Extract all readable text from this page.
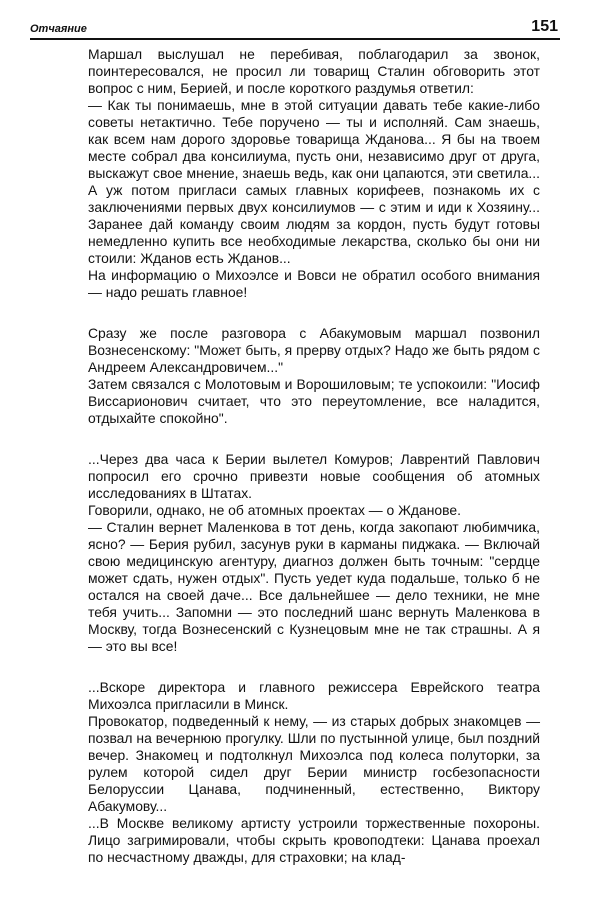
Отчаяние	151

Маршал выслушал не перебивая, поблагодарил за звонок, поинтересовался, не просил ли товарищ Сталин обговорить этот вопрос с ним, Берией, и после короткого раздумья ответил:

— Как ты понимаешь, мне в этой ситуации давать тебе какие-либо советы нетактично. Тебе поручено — ты и исполняй. Сам знаешь, как всем нам дорого здоровье товарища Жданова... Я бы на твоем месте собрал два консилиума, пусть они, независимо друг от друга, выскажут свое мнение, знаешь ведь, как они цапаются, эти светила... А уж потом пригласи самых главных корифеев, познакомь их с заключениями первых двух консилиумов — с этим и иди к Хозяину... Заранее дай команду своим людям за кордон, пусть будут готовы немедленно купить все необходимые лекарства, сколько бы они ни стоили: Жданов есть Жданов...

На информацию о Михоэлсе и Вовси не обратил особого внимания — надо решать главное!

Сразу же после разговора с Абакумовым маршал позвонил Вознесенскому: "Может быть, я прерву отдых? Надо же быть рядом с Андреем Александровичем..."

Затем связался с Молотовым и Ворошиловым; те успокоили: "Иосиф Виссарионович считает, что это переутомление, все наладится, отдыхайте спокойно".

...Через два часа к Берии вылетел Комуров; Лаврентий Павлович попросил его срочно привезти новые сообщения об атомных исследованиях в Штатах.

Говорили, однако, не об атомных проектах — о Жданове.

— Сталин вернет Маленкова в тот день, когда закопают любимчика, ясно? — Берия рубил, засунув руки в карманы пиджака. — Включай свою медицинскую агентуру, диагноз должен быть точным: "сердце может сдать, нужен отдых". Пусть уедет куда подальше, только б не остался на своей даче... Все дальнейшее — дело техники, не мне тебя учить... Запомни — это последний шанс вернуть Маленкова в Москву, тогда Вознесенский с Кузнецовым мне не так страшны. А я — это вы все!

...Вскоре директора и главного режиссера Еврейского театра Михоэлса пригласили в Минск.

Провокатор, подведенный к нему, — из старых добрых знакомцев — позвал на вечернюю прогулку. Шли по пустынной улице, был поздний вечер. Знакомец и подтолкнул Михоэлса под колеса полуторки, за рулем которой сидел друг Берии министр госбезопасности Белоруссии Цанава, подчиненный, естественно, Виктору Абакумову...

...В Москве великому артисту устроили торжественные похороны. Лицо загримировали, чтобы скрыть кровоподтеки: Цанава проехал по несчастному дважды, для страховки; на клад-
